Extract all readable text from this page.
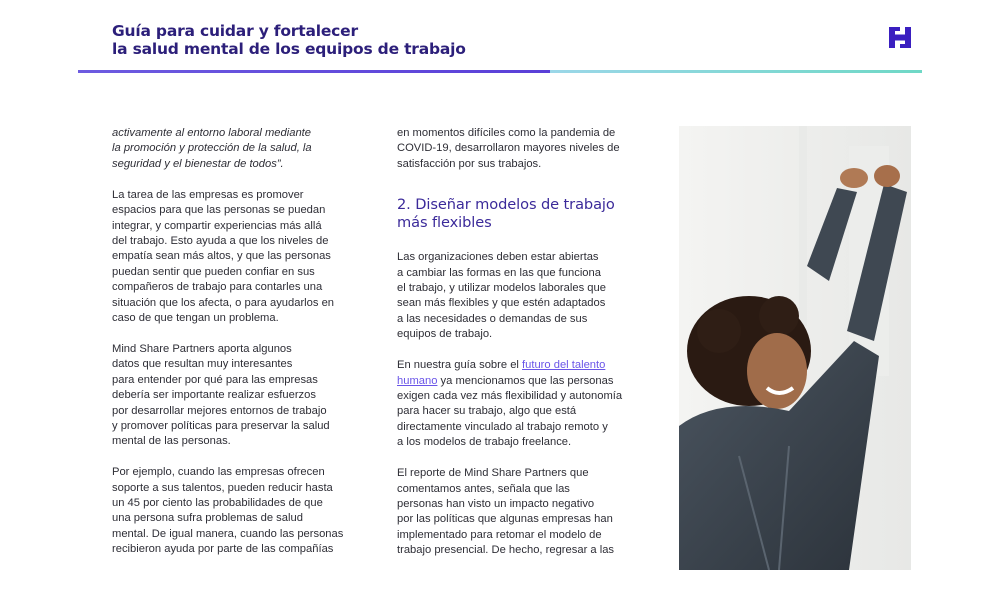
Guía para cuidar y fortalecer
la salud mental de los equipos de trabajo

activamente al entorno laboral mediante
la promoción y protección de la salud, la
seguridad y el bienestar de todos”.

La tarea de las empresas es promover
espacios para que las personas se puedan
integrar, y compartir experiencias más allá
del trabajo. Esto ayuda a que los niveles de
empatía sean más altos, y que las personas
puedan sentir que pueden confiar en sus
compañeros de trabajo para contarles una
situación que los afecta, o para ayudarlos en
caso de que tengan un problema.

Mind Share Partners aporta algunos
datos que resultan muy interesantes
para entender por qué para las empresas
debería ser importante realizar esfuerzos
por desarrollar mejores entornos de trabajo
y promover políticas para preservar la salud
mental de las personas.

Por ejemplo, cuando las empresas ofrecen
soporte a sus talentos, pueden reducir hasta
un 45 por ciento las probabilidades de que
una persona sufra problemas de salud
mental. De igual manera, cuando las personas
recibieron ayuda por parte de las compañías

en momentos difíciles como la pandemia de
COVID-19, desarrollaron mayores niveles de
satisfacción por sus trabajos.

2. Diseñar modelos de trabajo
más flexibles

Las organizaciones deben estar abiertas
a cambiar las formas en las que funciona
el trabajo, y utilizar modelos laborales que
sean más flexibles y que estén adaptados
a las necesidades o demandas de sus
equipos de trabajo.

En nuestra guía sobre el futuro del talento
humano ya mencionamos que las personas
exigen cada vez más flexibilidad y autonomía
para hacer su trabajo, algo que está
directamente vinculado al trabajo remoto y
a los modelos de trabajo freelance.

El reporte de Mind Share Partners que
comentamos antes, señala que las
personas han visto un impacto negativo
por las políticas que algunas empresas han
implementado para retomar el modelo de
trabajo presencial. De hecho, regresar a las
